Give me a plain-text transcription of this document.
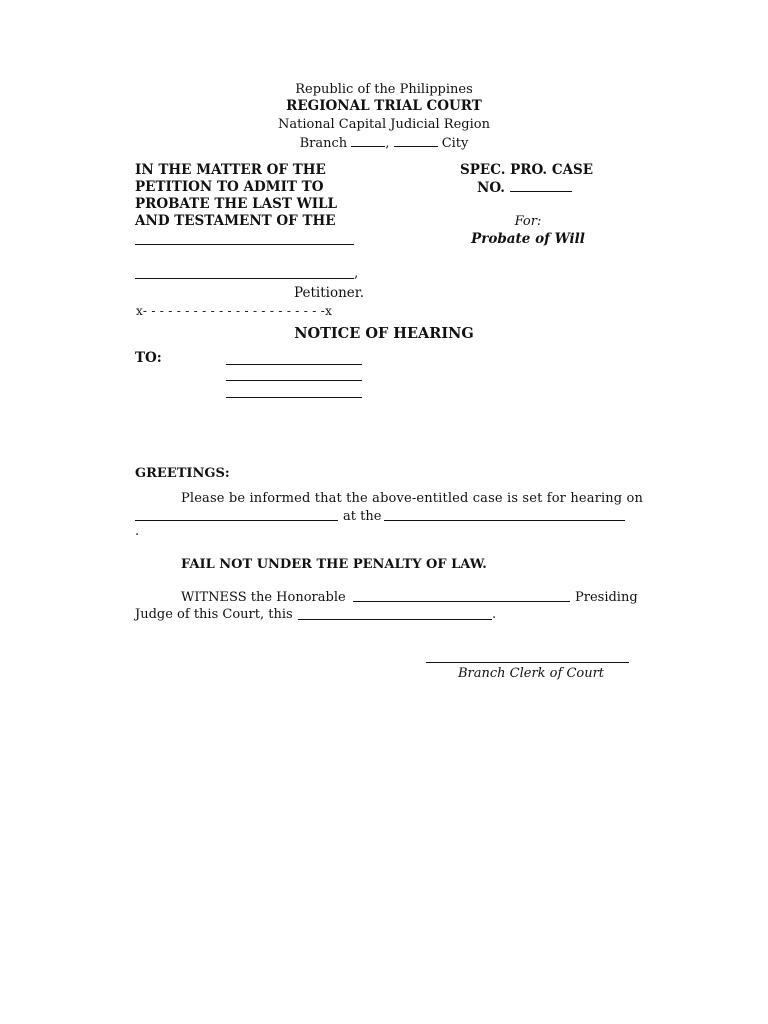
Republic of the Philippines
REGIONAL TRIAL COURT
National Capital Judicial Region
Branch	,	City
IN THE MATTER OF THE
PETITION TO ADMIT TO
PROBATE THE LAST WILL
AND TESTAMENT OF THE
,
Petitioner.
x- - - - - - - - - - - - - - - - - - - - - -x
SPEC. PRO. CASE
NO.
For:
Probate of Will
NOTICE OF HEARING
TO:
GREETINGS:
Please be informed that the above-entitled case is set for hearing on
at the
.
FAIL NOT UNDER THE PENALTY OF LAW.
WITNESS the Honorable	Presiding
Judge of this Court, this	.
Branch Clerk of Court
